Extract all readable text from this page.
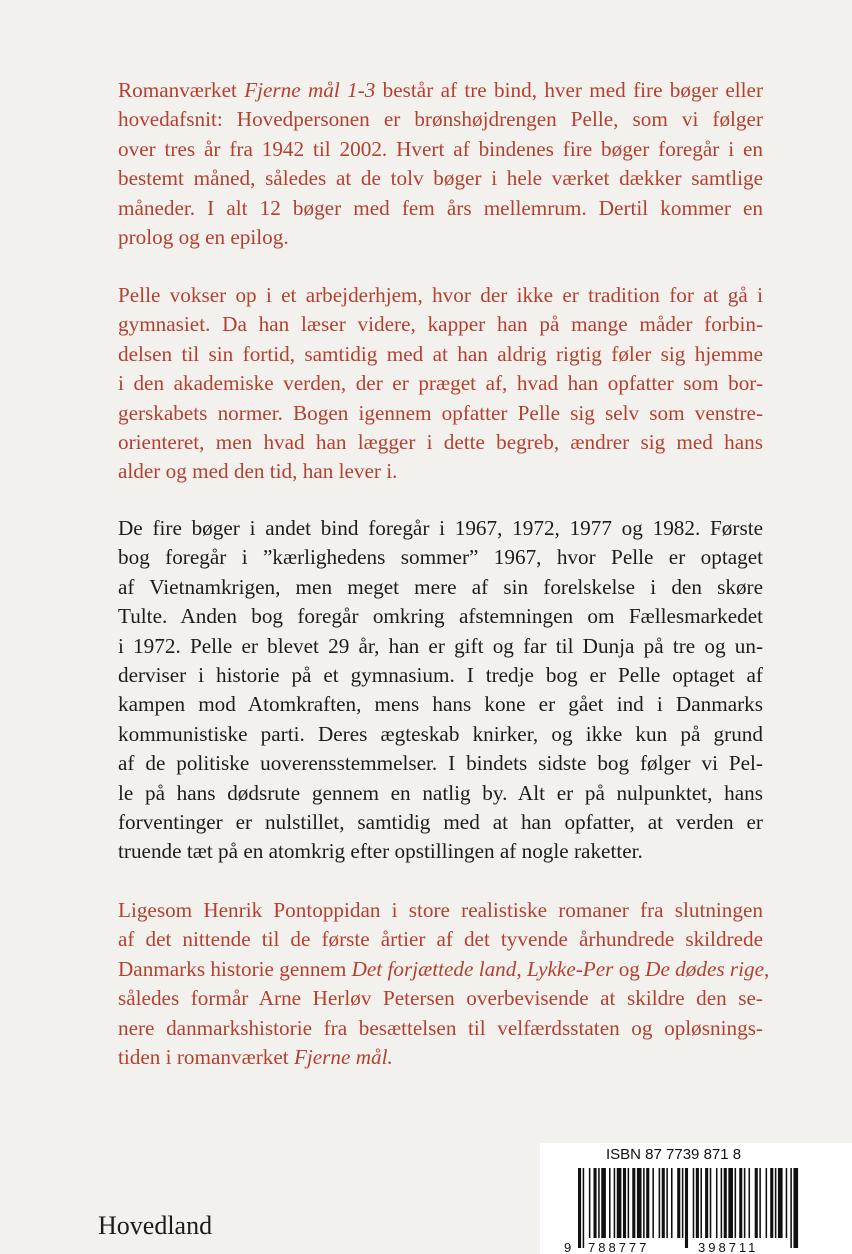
Romanværket Fjerne mål 1-3 består af tre bind, hver med fire bøger eller
hovedafsnit: Hovedpersonen er brønshøjdrengen Pelle, som vi følger
over tres år fra 1942 til 2002. Hvert af bindenes fire bøger foregår i en
bestemt måned, således at de tolv bøger i hele værket dækker samtlige
måneder. I alt 12 bøger med fem års mellemrum. Dertil kommer en
prolog og en epilog.
Pelle vokser op i et arbejderhjem, hvor der ikke er tradition for at gå i
gymnasiet. Da han læser videre, kapper han på mange måder forbin-
delsen til sin fortid, samtidig med at han aldrig rigtig føler sig hjemme
i den akademiske verden, der er præget af, hvad han opfatter som bor-
gerskabets normer. Bogen igennem opfatter Pelle sig selv som venstre-
orienteret, men hvad han lægger i dette begreb, ændrer sig med hans
alder og med den tid, han lever i.
De fire bøger i andet bind foregår i 1967, 1972, 1977 og 1982. Første
bog foregår i ”kærlighedens sommer” 1967, hvor Pelle er optaget
af Vietnamkrigen, men meget mere af sin forelskelse i den skøre
Tulte. Anden bog foregår omkring afstemningen om Fællesmarkedet
i 1972. Pelle er blevet 29 år, han er gift og far til Dunja på tre og un-
derviser i historie på et gymnasium. I tredje bog er Pelle optaget af
kampen mod Atomkraften, mens hans kone er gået ind i Danmarks
kommunistiske parti. Deres ægteskab knirker, og ikke kun på grund
af de politiske uoverensstemmelser. I bindets sidste bog følger vi Pel-
le på hans dødsrute gennem en natlig by. Alt er på nulpunktet, hans
forventinger er nulstillet, samtidig med at han opfatter, at verden er
truende tæt på en atomkrig efter opstillingen af nogle raketter.
Ligesom Henrik Pontoppidan i store realistiske romaner fra slutningen
af det nittende til de første årtier af det tyvende århundrede skildrede
Danmarks historie gennem Det forjættede land, Lykke-Per og De dødes rige,
således formår Arne Herløv Petersen overbevisende at skildre den se-
nere danmarkshistorie fra besættelsen til velfærdsstaten og opløsnings-
tiden i romanværket Fjerne mål.
Hovedland
ISBN 87 7739 871 8
9 788777	398711
